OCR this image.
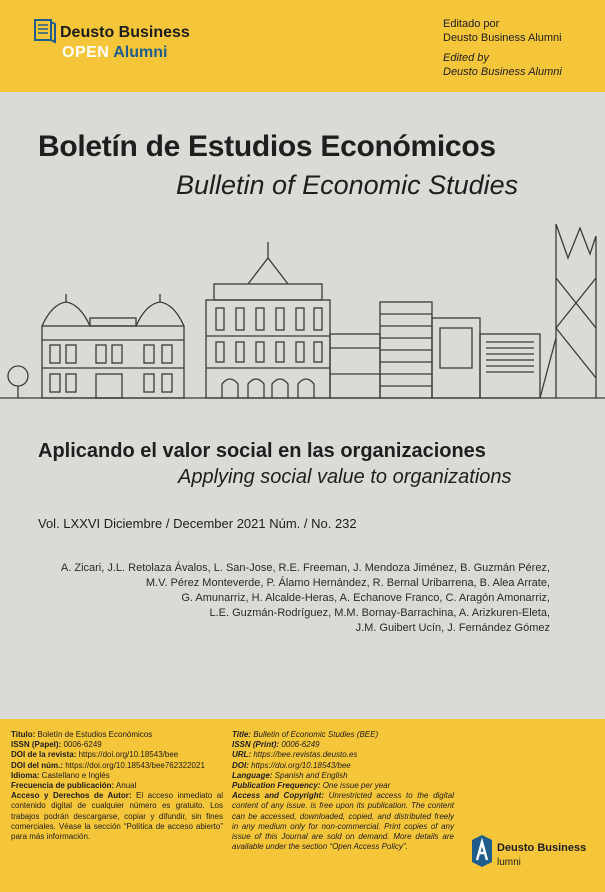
Deusto Business
OPEN Alumni
Editado por
Deusto Business Alumni
Edited by
Deusto Business Alumni
Boletín de Estudios Económicos
Bulletin of Economic Studies
Aplicando el valor social en las organizaciones
Applying social value to organizations
Vol. LXXVI Diciembre / December 2021 Núm. / No. 232
A. Zicari, J.L. Retolaza Ávalos, L. San-Jose, R.E. Freeman, J. Mendoza Jiménez, B. Guzmán Pérez,
M.V. Pérez Monteverde, P. Álamo Hernández, R. Bernal Uribarrena, B. Alea Arrate,
G. Amunarriz, H. Alcalde-Heras, A. Echanove Franco, C. Aragón Amonarriz,
L.E. Guzmán-Rodríguez, M.M. Bornay-Barrachina, A. Arizkuren-Eleta,
J.M. Guibert Ucín, J. Fernández Gómez
Titulo: Boletín de Estudios Económicos
ISSN (Papel): 0006-6249
DOI de la revista: https://doi.org/10.18543/bee
DOI del núm.: https://doi.org/10.18543/bee762322021
Idioma: Castellano e Inglés
Frecuencia de publicación: Anual
Acceso y Derechos de Autor: El acceso inmediato al contenido digital de cualquier número es gratuito. Los trabajos podrán descargarse, copiar y difundir, sin fines comerciales. Véase la sección “Política de acceso abierto” para más información.
Title: Bulletin of Economic Studies (BEE)
ISSN (Print): 0006-6249
URL: https://bee.revistas.deusto.es
DOI: https://doi.org/10.18543/bee
Language: Spanish and English
Publication Frequency: One issue per year
Access and Copyright: Unrestricted access to the digital content of any issue. is free upon its publication. The content can be accessed, downloaded, copied, and distributed freely in any medium only for non-commercial. Print copies of any issue of this Journal are sold on demand. More details are available under the section “Open Access Policy”.	Deusto Business
lumni
